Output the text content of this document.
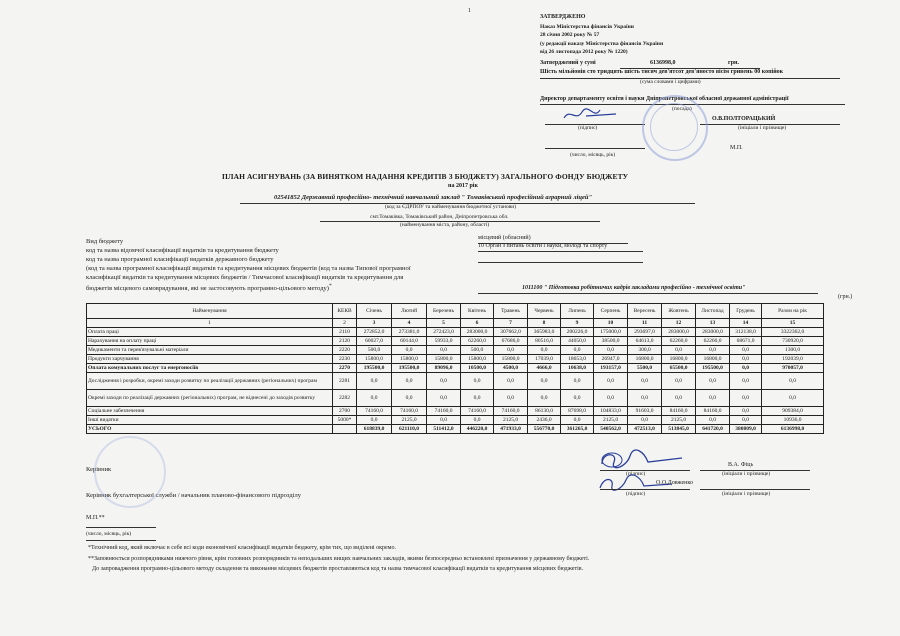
1
ЗАТВЕРДЖЕНО
Наказ Міністерства фінансів України
28 січня 2002 року № 57
(у редакції наказу Міністерства фінансів України
від 26 листопада 2012 року № 1220)
Затверджений у сумі	6136998,0	грн.
Шість мільйонів сто тридцять шість тисяч дев'ятсот дев'яносто вісім гривень 00 копійок
(сума словами і цифрами)
Директор департаменту освіти і науки Дніпропетровської обласної державної адміністрації
(посада)
(підпис)
О.В.ПОЛТОРАЦЬКИЙ
(ініціали і прізвище)
(число, місяць, рік)
М.П.
ПЛАН АСИГНУВАНЬ (ЗА ВИНЯТКОМ НАДАННЯ КРЕДИТІВ З БЮДЖЕТУ) ЗАГАЛЬНОГО ФОНДУ БЮДЖЕТУ
на 2017 рік
02541852 Державний професійно- технічний навчальний заклад " Томаківський професійний аграрний ліцей"
(код за ЄДРПОУ та найменування бюджетної установи)
смт.Томаківка, Томаківський район, Дніпропетровська обл.
(найменування міста, району, області)
Вид бюджету	місцевий (обласний)
код та назва відомчої класифікації видатків та кредитування бюджету
10 Орган з питань освіти і науки, молоді та спорту
код та назва програмної класифікації видатків державного бюджету
(код та назва програмної класифікації видатків та кредитування місцевих бюджетів (код та назва Типової програмної
класифікації видатків та кредитування місцевих бюджетів / Тимчасової класифікації видатків та кредитування для
бюджетів місцевого самоврядування, які не застосовують програмно-цільового методу)*	1011100 " Підготовка робітничих кадрів закладами професійно - технічної освіти"
(грн.)
Найменування	КЕКВ	Січень	Лютий	Березень	Квітень	Травень	Червень	Липень	Серпень	Вересень	Жовтень	Листопад	Грудень	Разом на рік
1	2	3	4	5	6	7	8	9	10	11	12	13	14	15
Оплата праці	2110	272852,0	273381,0	272423,0	283000,0	307662,0	365983,0	200226,0	175000,0	293697,0	283000,0	283000,0	312138,0	3322362,0
Нарахування на оплату праці	2120	60027,0	60144,0	59933,0	62260,0	67686,0	80516,0	44050,0	38500,0	64613,0	62260,0	62260,0	68671,0	730920,0
Медикаменти та перев'язувальні матеріали	2220	500,0	0,0	0,0	500,0	0,0	0,0	0,0	0,0	300,0	0,0	0,0	0,0	1300,0
Продукти харчування	2230	15800,0	15800,0	15800,0	15800,0	15800,0	17039,0	18653,0	26947,0	16800,0	16800,0	16800,0	0,0	192039,0
Оплата комунальних послуг та енергоносіїв	2270	195500,0	195500,0	89096,0	10500,0	4500,0	4666,0	10638,0	193157,0	5500,0	65500,0	195500,0	0,0	970057,0
Дослідження і розробки, окремі заходи розвитку по реалізації державних (регіональних) програм	2281	0,0	0,0	0,0	0,0	0,0	0,0	0,0	0,0	0,0	0,0	0,0	0,0	0,0
Окремі заходи по реалізації державних (регіональних) програм, не віднесені до заходів розвитку	2282	0,0	0,0	0,0	0,0	0,0	0,0	0,0	0,0	0,0	0,0	0,0	0,0	0,0
Соціальне забезпечення	2700	74160,0	74160,0	74160,0	74160,0	74160,0	86130,0	87698,0	104833,0	91603,0	84160,0	84160,0	0,0	909384,0
Інші видатки	5000*	0,0	2125,0	0,0	0,0	2125,0	2436,0	0,0	2125,0	0,0	2125,0	0,0	0,0	10936,0
УСЬОГО		618839,0	621110,0	511412,0	446220,0	471933,0	556770,0	361265,0	540562,0	472513,0	513845,0	641720,0	380809,0	6136998,0
Керівник
В.А. Фіць
(підпис)	(ініціали і прізвище)
О.О.Довженко
Керівник бухгалтерської служби / начальник планово-фінансового підрозділу	(підпис)	(ініціали і прізвище)
М.П.**
(число, місяць, рік)
*Технічний код, який включає в себе всі коди економічної класифікації видатків бюджету, крім тих, що виділені окремо.
**Заповнюється розпорядниками нижчого рівня, крім головних розпорядників та неподальших вищих навчальних закладів, якими безпосередньо встановлені призначення у державному бюджеті.
Дo запровадження програмно-цільового методу складення та виконання місцевих бюджетів проставляються код та назва тимчасової класифікації видатків та кредитування місцевих бюджетів.
